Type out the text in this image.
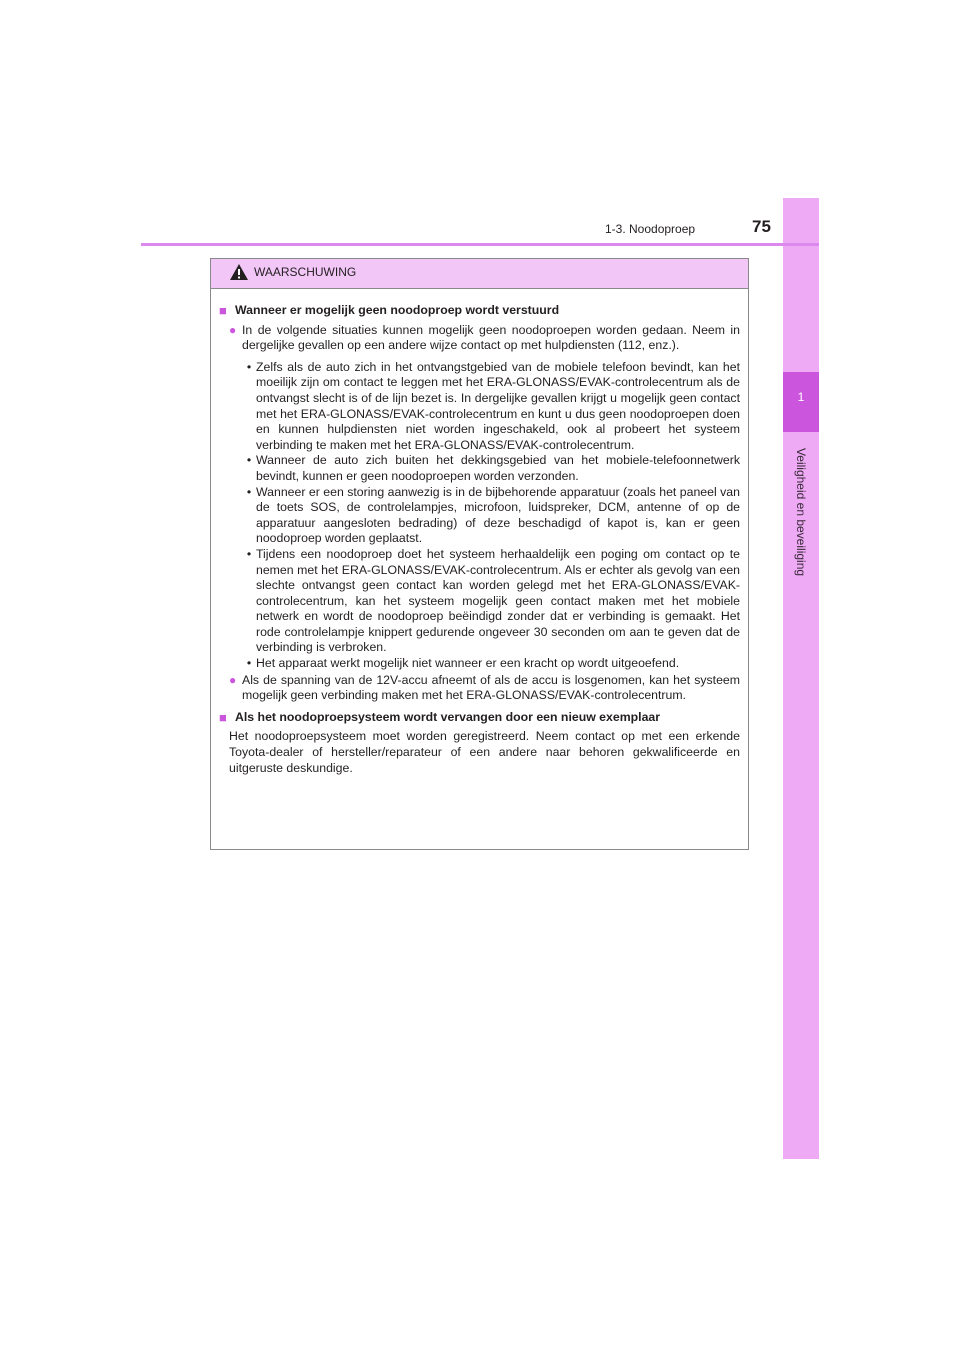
1
Veiligheid en beveiliging
1-3. Noodoproep	75
WAARSCHUWING
■ Wanneer er mogelijk geen noodoproep wordt verstuurd
● In de volgende situaties kunnen mogelijk geen noodoproepen worden gedaan. Neem in dergelijke gevallen op een andere wijze contact op met hulpdiensten (112, enz.).
• Zelfs als de auto zich in het ontvangstgebied van de mobiele telefoon bevindt, kan het moeilijk zijn om contact te leggen met het ERA-GLONASS/EVAK-controlecentrum als de ontvangst slecht is of de lijn bezet is. In dergelijke gevallen krijgt u mogelijk geen contact met het ERA-GLONASS/EVAK-controlecentrum en kunt u dus geen noodoproepen doen en kunnen hulpdiensten niet worden ingeschakeld, ook al probeert het systeem verbinding te maken met het ERA-GLONASS/EVAK-controlecentrum.
• Wanneer de auto zich buiten het dekkingsgebied van het mobiele-telefoonnetwerk bevindt, kunnen er geen noodoproepen worden verzonden.
• Wanneer er een storing aanwezig is in de bijbehorende apparatuur (zoals het paneel van de toets SOS, de controlelampjes, microfoon, luidspreker, DCM, antenne of op de apparatuur aangesloten bedrading) of deze beschadigd of kapot is, kan er geen noodoproep worden geplaatst.
• Tijdens een noodoproep doet het systeem herhaaldelijk een poging om contact op te nemen met het ERA-GLONASS/EVAK-controlecentrum. Als er echter als gevolg van een slechte ontvangst geen contact kan worden gelegd met het ERA-GLONASS/EVAK-controlecentrum, kan het systeem mogelijk geen contact maken met het mobiele netwerk en wordt de noodoproep beëindigd zonder dat er verbinding is gemaakt. Het rode controlelampje knippert gedurende ongeveer 30 seconden om aan te geven dat de verbinding is verbroken.
• Het apparaat werkt mogelijk niet wanneer er een kracht op wordt uitgeoefend.
● Als de spanning van de 12V-accu afneemt of als de accu is losgenomen, kan het systeem mogelijk geen verbinding maken met het ERA-GLONASS/EVAK-controlecentrum.
■ Als het noodoproepsysteem wordt vervangen door een nieuw exemplaar
Het noodoproepsysteem moet worden geregistreerd. Neem contact op met een erkende Toyota-dealer of hersteller/reparateur of een andere naar behoren gekwalificeerde en uitgeruste deskundige.
